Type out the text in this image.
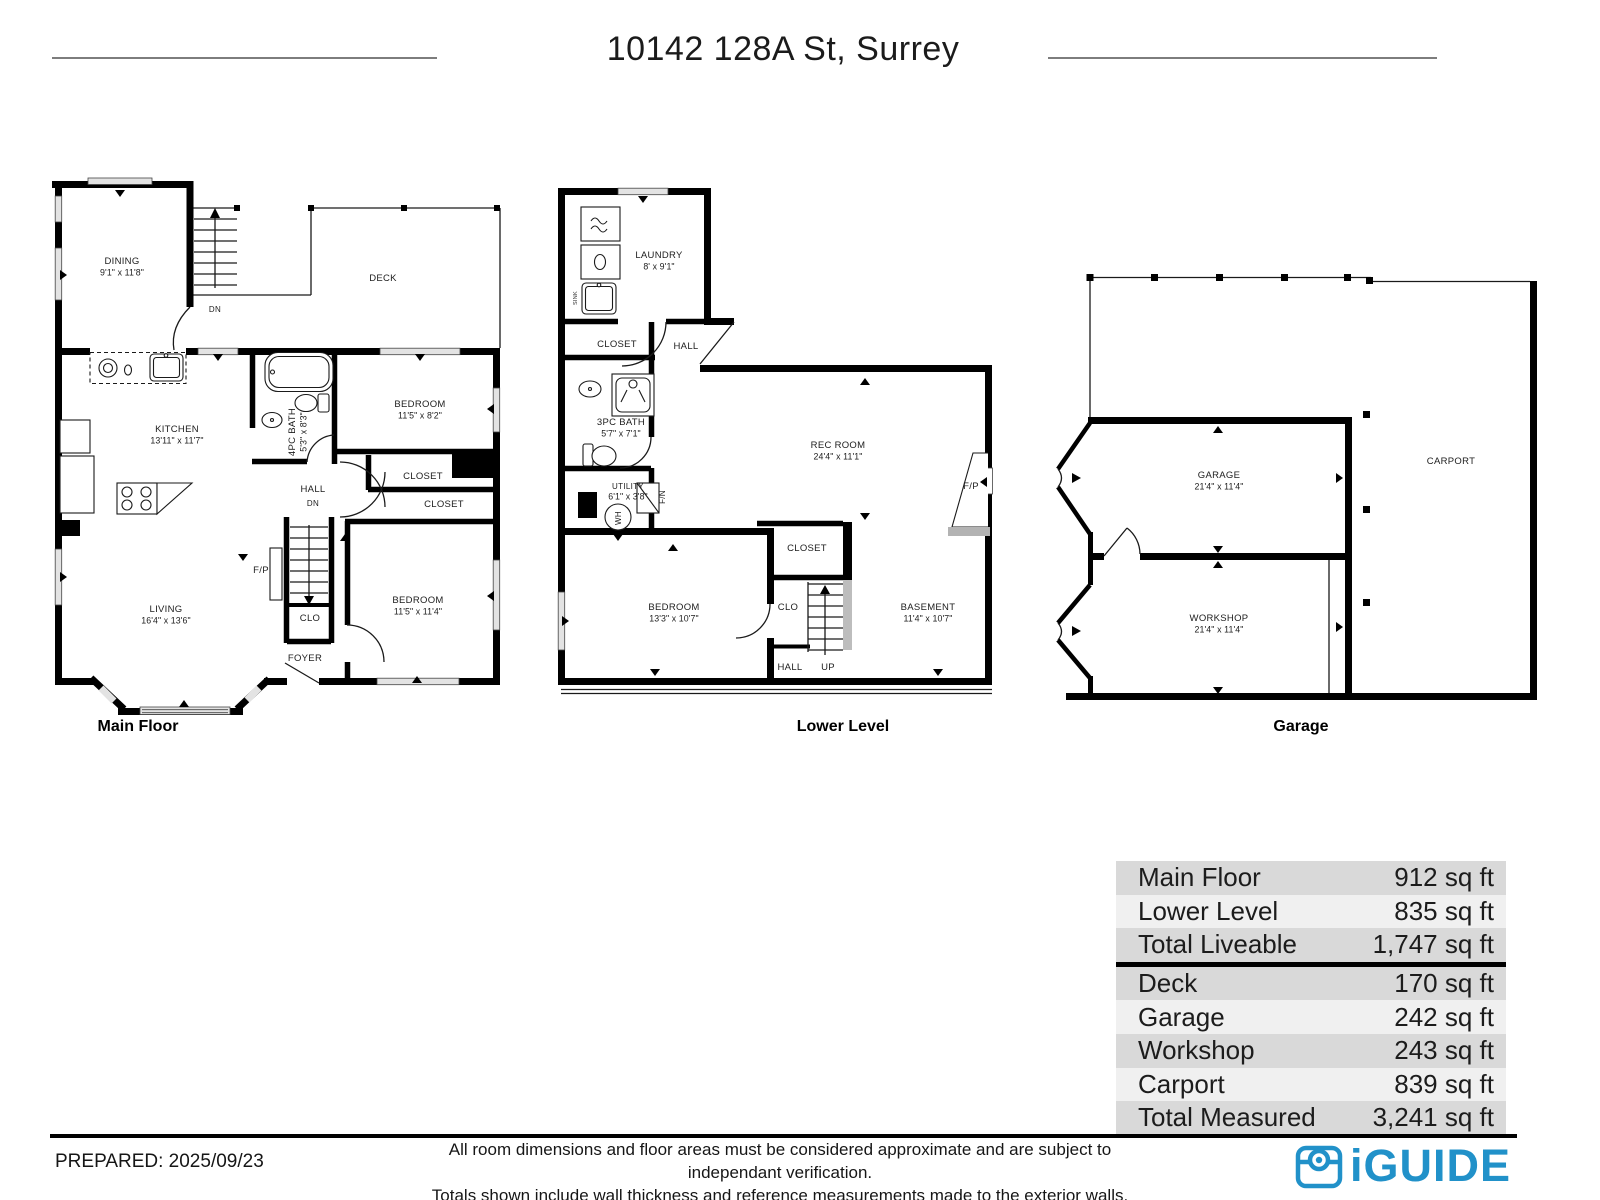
10142 128A St, Surrey
DINING
9'1" x 11'8"
DECK
DN
KITCHEN
13'11" x 11'7"	4PC BATH 5'3" x 8'3"
BEDROOM
11'5" x 8'2"
CLOSET
CLOSET
HALL
DN
F/P
LIVING
16'4" x 13'6"	CLO
FOYER
BEDROOM
11'5" x 11'4"
LAUNDRY
8' x 9'1"
SINK
CLOSET	HALL
3PC BATH
5'7" x 7'1"
UTILITY
6'1" x 3'8" F/N
WH
REC ROOM
24'4" x 11'1"
F/P
CLOSET
BEDROOM
13'3" x 10'7"
CLO
HALL UP
BASEMENT
11'4" x 10'7"
GARAGE
21'4" x 11'4"
WORKSHOP
21'4" x 11'4"
CARPORT
Main Floor	Lower Level	Garage
Main Floor	912 sq ft
Lower Level	835 sq ft
Total Liveable	1,747 sq ft
Deck	170 sq ft
Garage	242 sq ft
Workshop	243 sq ft
Carport	839 sq ft
Total Measured 3,241 sq ft
PREPARED: 2025/09/23
All room dimensions and floor areas must be considered approximate and are subject to independant verification.
Totals shown include wall thickness and reference measurements made to the exterior walls.
iGUIDE
